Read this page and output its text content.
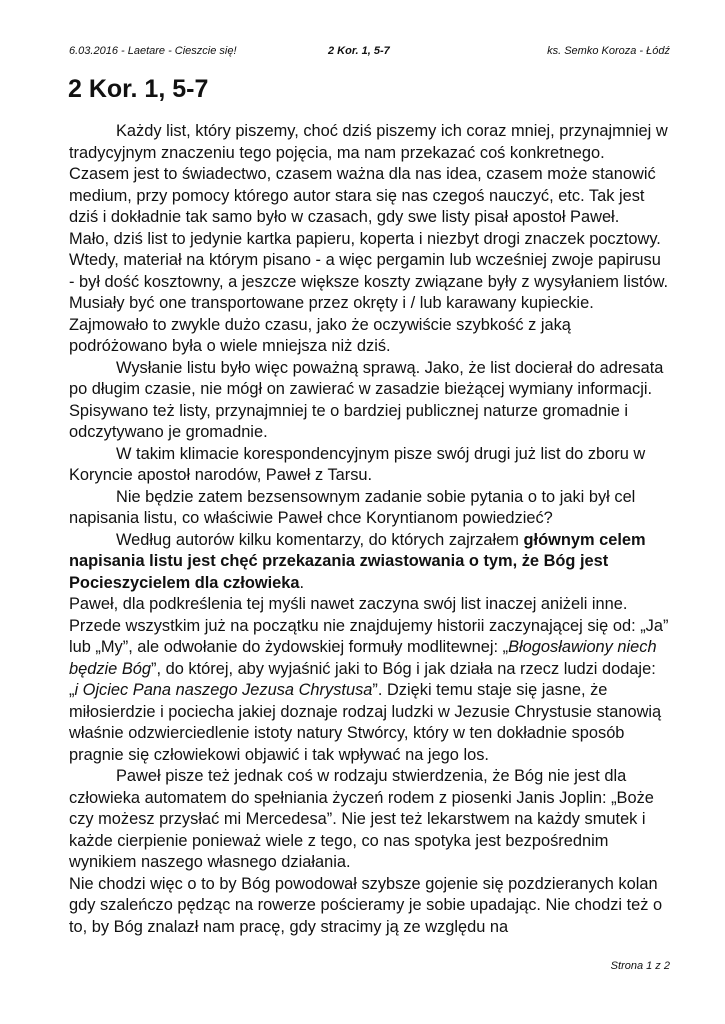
6.03.2016 - Laetare - Cieszcie się!	2 Kor. 1, 5-7	ks. Semko Koroza - Łódź
2 Kor. 1, 5-7

Każdy list, który piszemy, choć dziś piszemy ich coraz mniej, przynajmniej w tradycyjnym znaczeniu tego pojęcia, ma nam przekazać coś konkretnego. Czasem jest to świadectwo, czasem ważna dla nas idea, czasem może stanowić medium, przy pomocy którego autor stara się nas czegoś nauczyć, etc. Tak jest dziś i dokładnie tak samo było w czasach, gdy swe listy pisał apostoł Paweł.

Mało, dziś list to jedynie kartka papieru, koperta i niezbyt drogi znaczek pocztowy. Wtedy, materiał na którym pisano - a więc pergamin lub wcześniej zwoje papirusu - był dość kosztowny, a jeszcze większe koszty związane były z wysyłaniem listów. Musiały być one transportowane przez okręty i / lub karawany kupieckie. Zajmowało to zwykle dużo czasu, jako że oczywiście szybkość z jaką podróżowano była o wiele mniejsza niż dziś.

Wysłanie listu było więc poważną sprawą. Jako, że list docierał do adresata po długim czasie, nie mógł on zawierać w zasadzie bieżącej wymiany informacji. Spisywano też listy, przynajmniej te o bardziej publicznej naturze gromadnie i odczytywano je gromadnie.

W takim klimacie korespondencyjnym pisze swój drugi już list do zboru w Koryncie apostoł narodów, Paweł z Tarsu.

Nie będzie zatem bezsensownym zadanie sobie pytania o to jaki był cel napisania listu, co właściwie Paweł chce Koryntianom powiedzieć?

Według autorów kilku komentarzy, do których zajrzałem głównym celem napisania listu jest chęć przekazania zwiastowania o tym, że Bóg jest Pocieszycielem dla człowieka.

Paweł, dla podkreślenia tej myśli nawet zaczyna swój list inaczej aniżeli inne. Przede wszystkim już na początku nie znajdujemy historii zaczynającej się od: „Ja” lub „My”, ale odwołanie do żydowskiej formuły modlitewnej: „Błogosławiony niech będzie Bóg”, do której, aby wyjaśnić jaki to Bóg i jak działa na rzecz ludzi dodaje: „i Ojciec Pana naszego Jezusa Chrystusa”. Dzięki temu staje się jasne, że miłosierdzie i pociecha jakiej doznaje rodzaj ludzki w Jezusie Chrystusie stanowią właśnie odzwierciedlenie istoty natury Stwórcy, który w ten dokładnie sposób pragnie się człowiekowi objawić i tak wpływać na jego los.

Paweł pisze też jednak coś w rodzaju stwierdzenia, że Bóg nie jest dla człowieka automatem do spełniania życzeń rodem z piosenki Janis Joplin: „Boże czy możesz przysłać mi Mercedesa”. Nie jest też lekarstwem na każdy smutek i każde cierpienie ponieważ wiele z tego, co nas spotyka jest bezpośrednim wynikiem naszego własnego działania.

Nie chodzi więc o to by Bóg powodował szybsze gojenie się pozdzieranych kolan gdy szaleńczo pędząc na rowerze pościeramy je sobie upadając. Nie chodzi też o to, by Bóg znalazł nam pracę, gdy stracimy ją ze względu na

Strona 1 z 2
